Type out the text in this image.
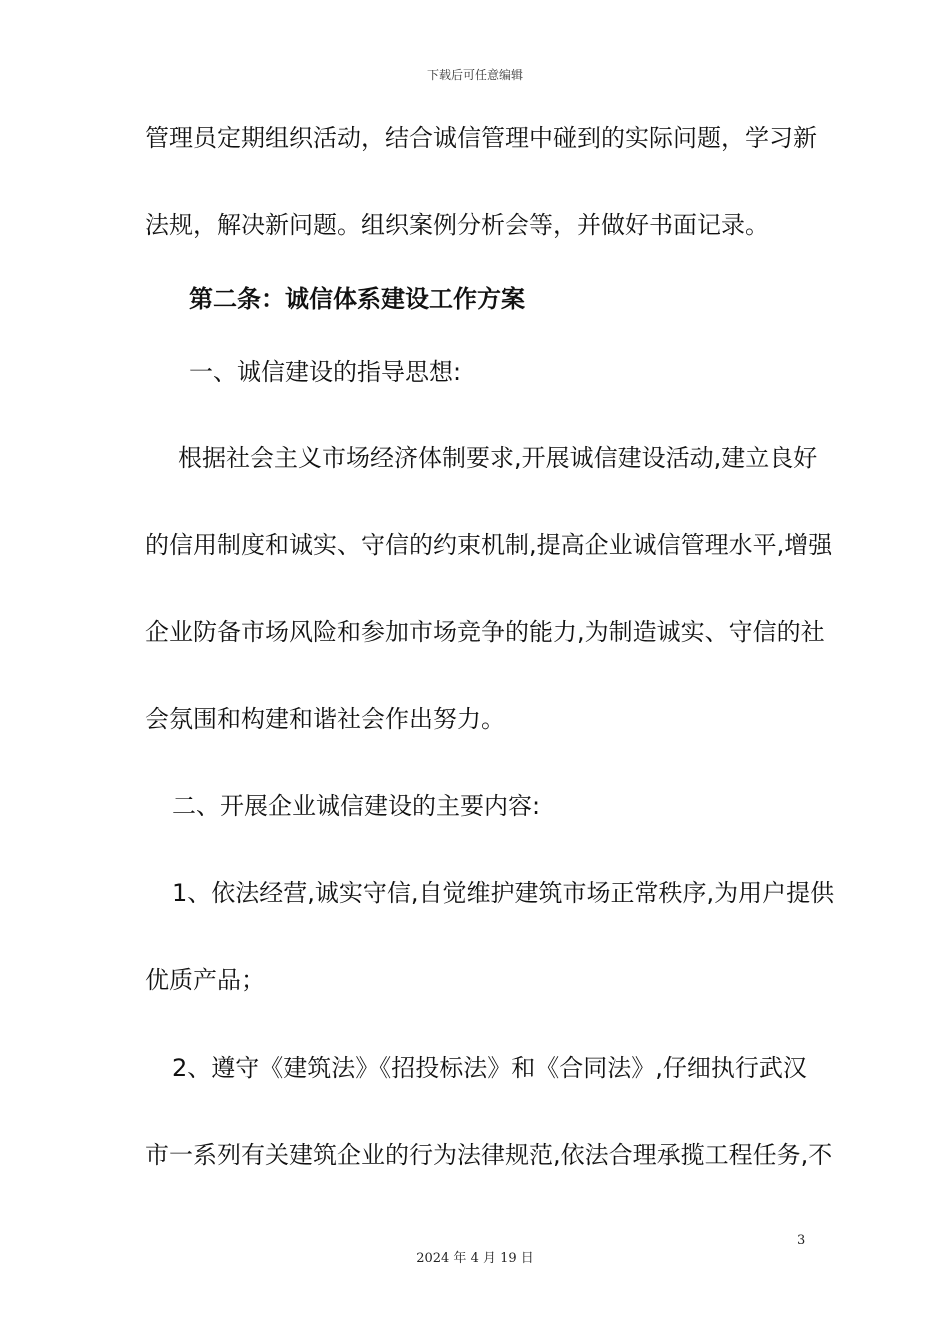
下载后可任意编辑
管理员定期组织活动，结合诚信管理中碰到的实际问题，学习新
法规，解决新问题。组织案例分析会等，并做好书面记录。
第二条：诚信体系建设工作方案
一、诚信建设的指导思想:
根据社会主义市场经济体制要求,开展诚信建设活动,建立良好
的信用制度和诚实、守信的约束机制,提高企业诚信管理水平,增强
企业防备市场风险和参加市场竞争的能力,为制造诚实、守信的社
会氛围和构建和谐社会作出努力。
二、开展企业诚信建设的主要内容:
1、依法经营,诚实守信,自觉维护建筑市场正常秩序,为用户提供
优质产品；
2、遵守《建筑法》《招投标法》和《合同法》,仔细执行武汉
市一系列有关建筑企业的行为法律规范,依法合理承揽工程任务,不
3
2024 年 4 月 19 日
